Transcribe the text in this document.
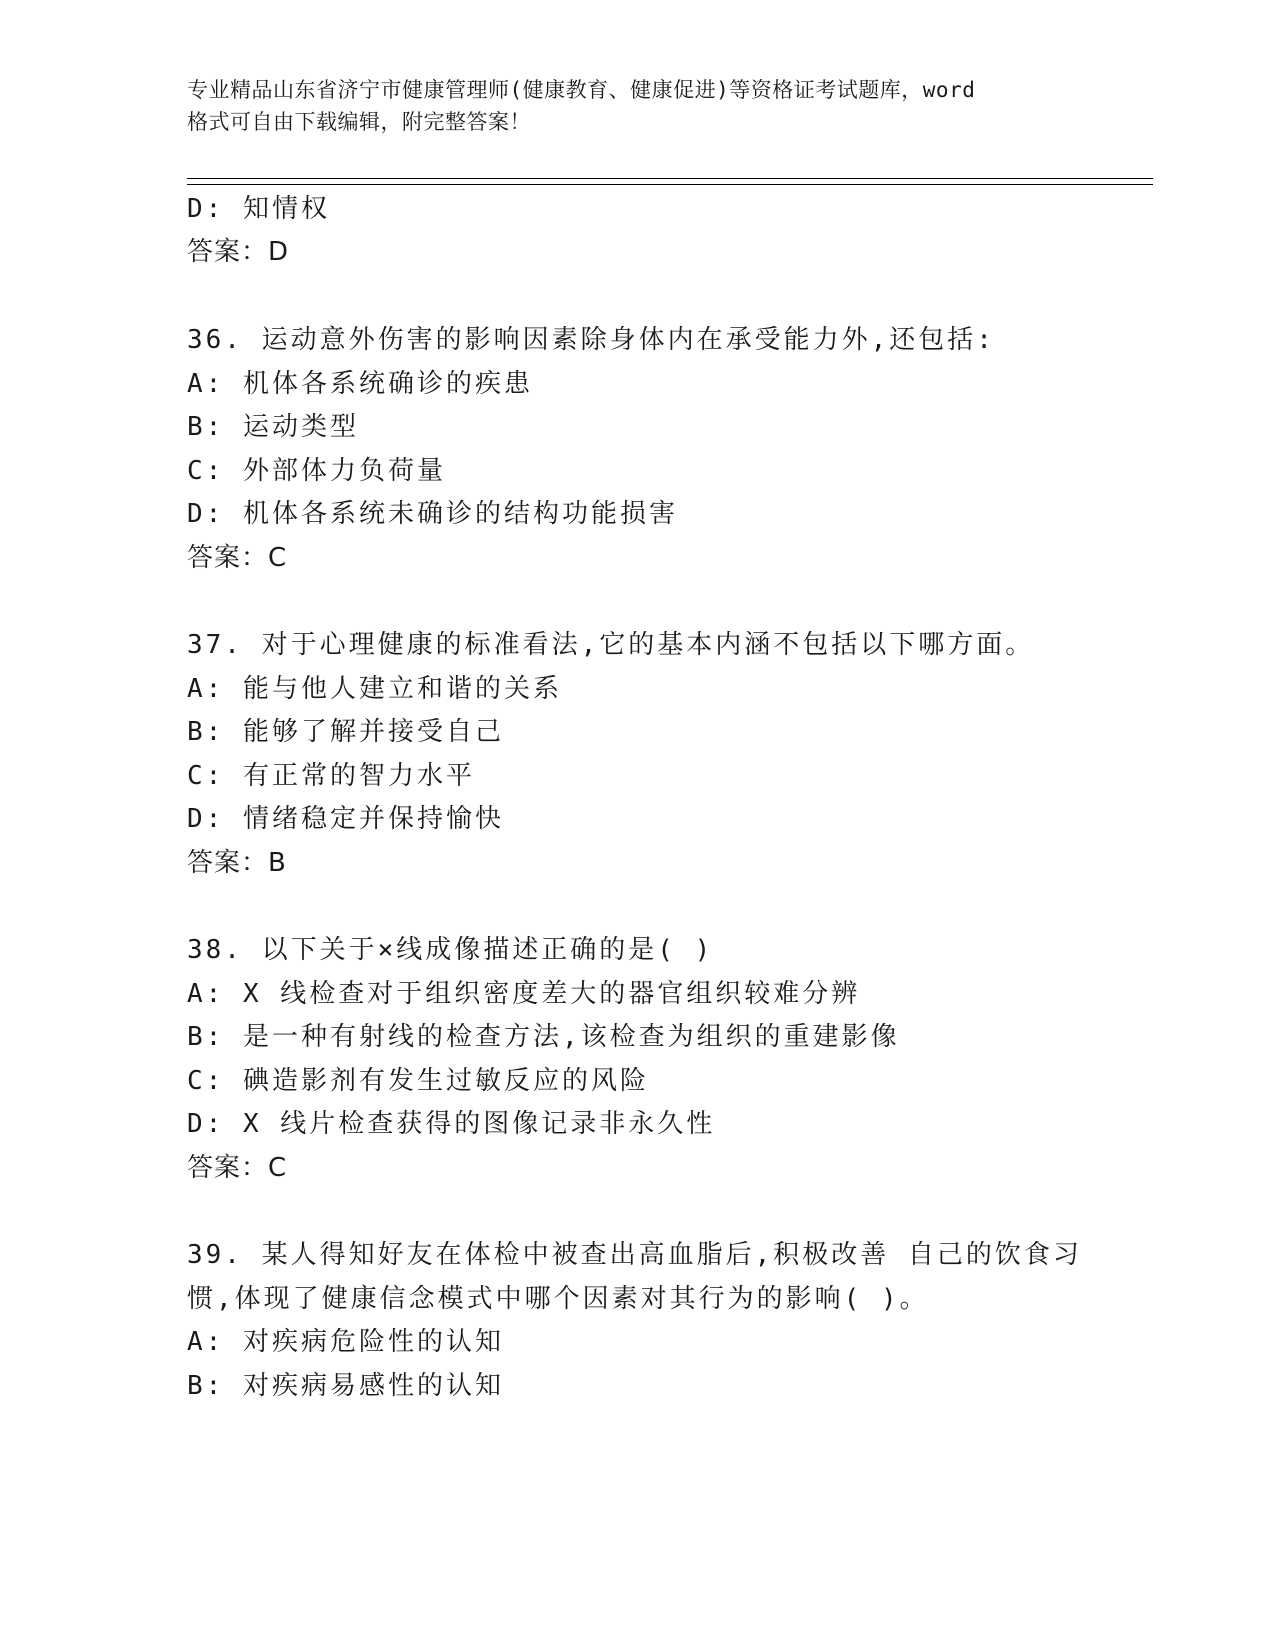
专业精品山东省济宁市健康管理师(健康教育、健康促进)等资格证考试题库，word
格式可自由下载编辑，附完整答案！
D: 知情权
答案：D
36. 运动意外伤害的影响因素除身体内在承受能力外,还包括:
A: 机体各系统确诊的疾患
B: 运动类型
C: 外部体力负荷量
D: 机体各系统未确诊的结构功能损害
答案：C
37. 对于心理健康的标准看法,它的基本内涵不包括以下哪方面。
A: 能与他人建立和谐的关系
B: 能够了解并接受自己
C: 有正常的智力水平
D: 情绪稳定并保持愉快
答案：B
38. 以下关于×线成像描述正确的是( )
A: X 线检查对于组织密度差大的器官组织较难分辨
B: 是一种有射线的检查方法,该检查为组织的重建影像
C: 碘造影剂有发生过敏反应的风险
D: X 线片检查获得的图像记录非永久性
答案：C
39. 某人得知好友在体检中被查出高血脂后,积极改善 自己的饮食习
惯,体现了健康信念模式中哪个因素对其行为的影响( )。
A: 对疾病危险性的认知
B: 对疾病易感性的认知
